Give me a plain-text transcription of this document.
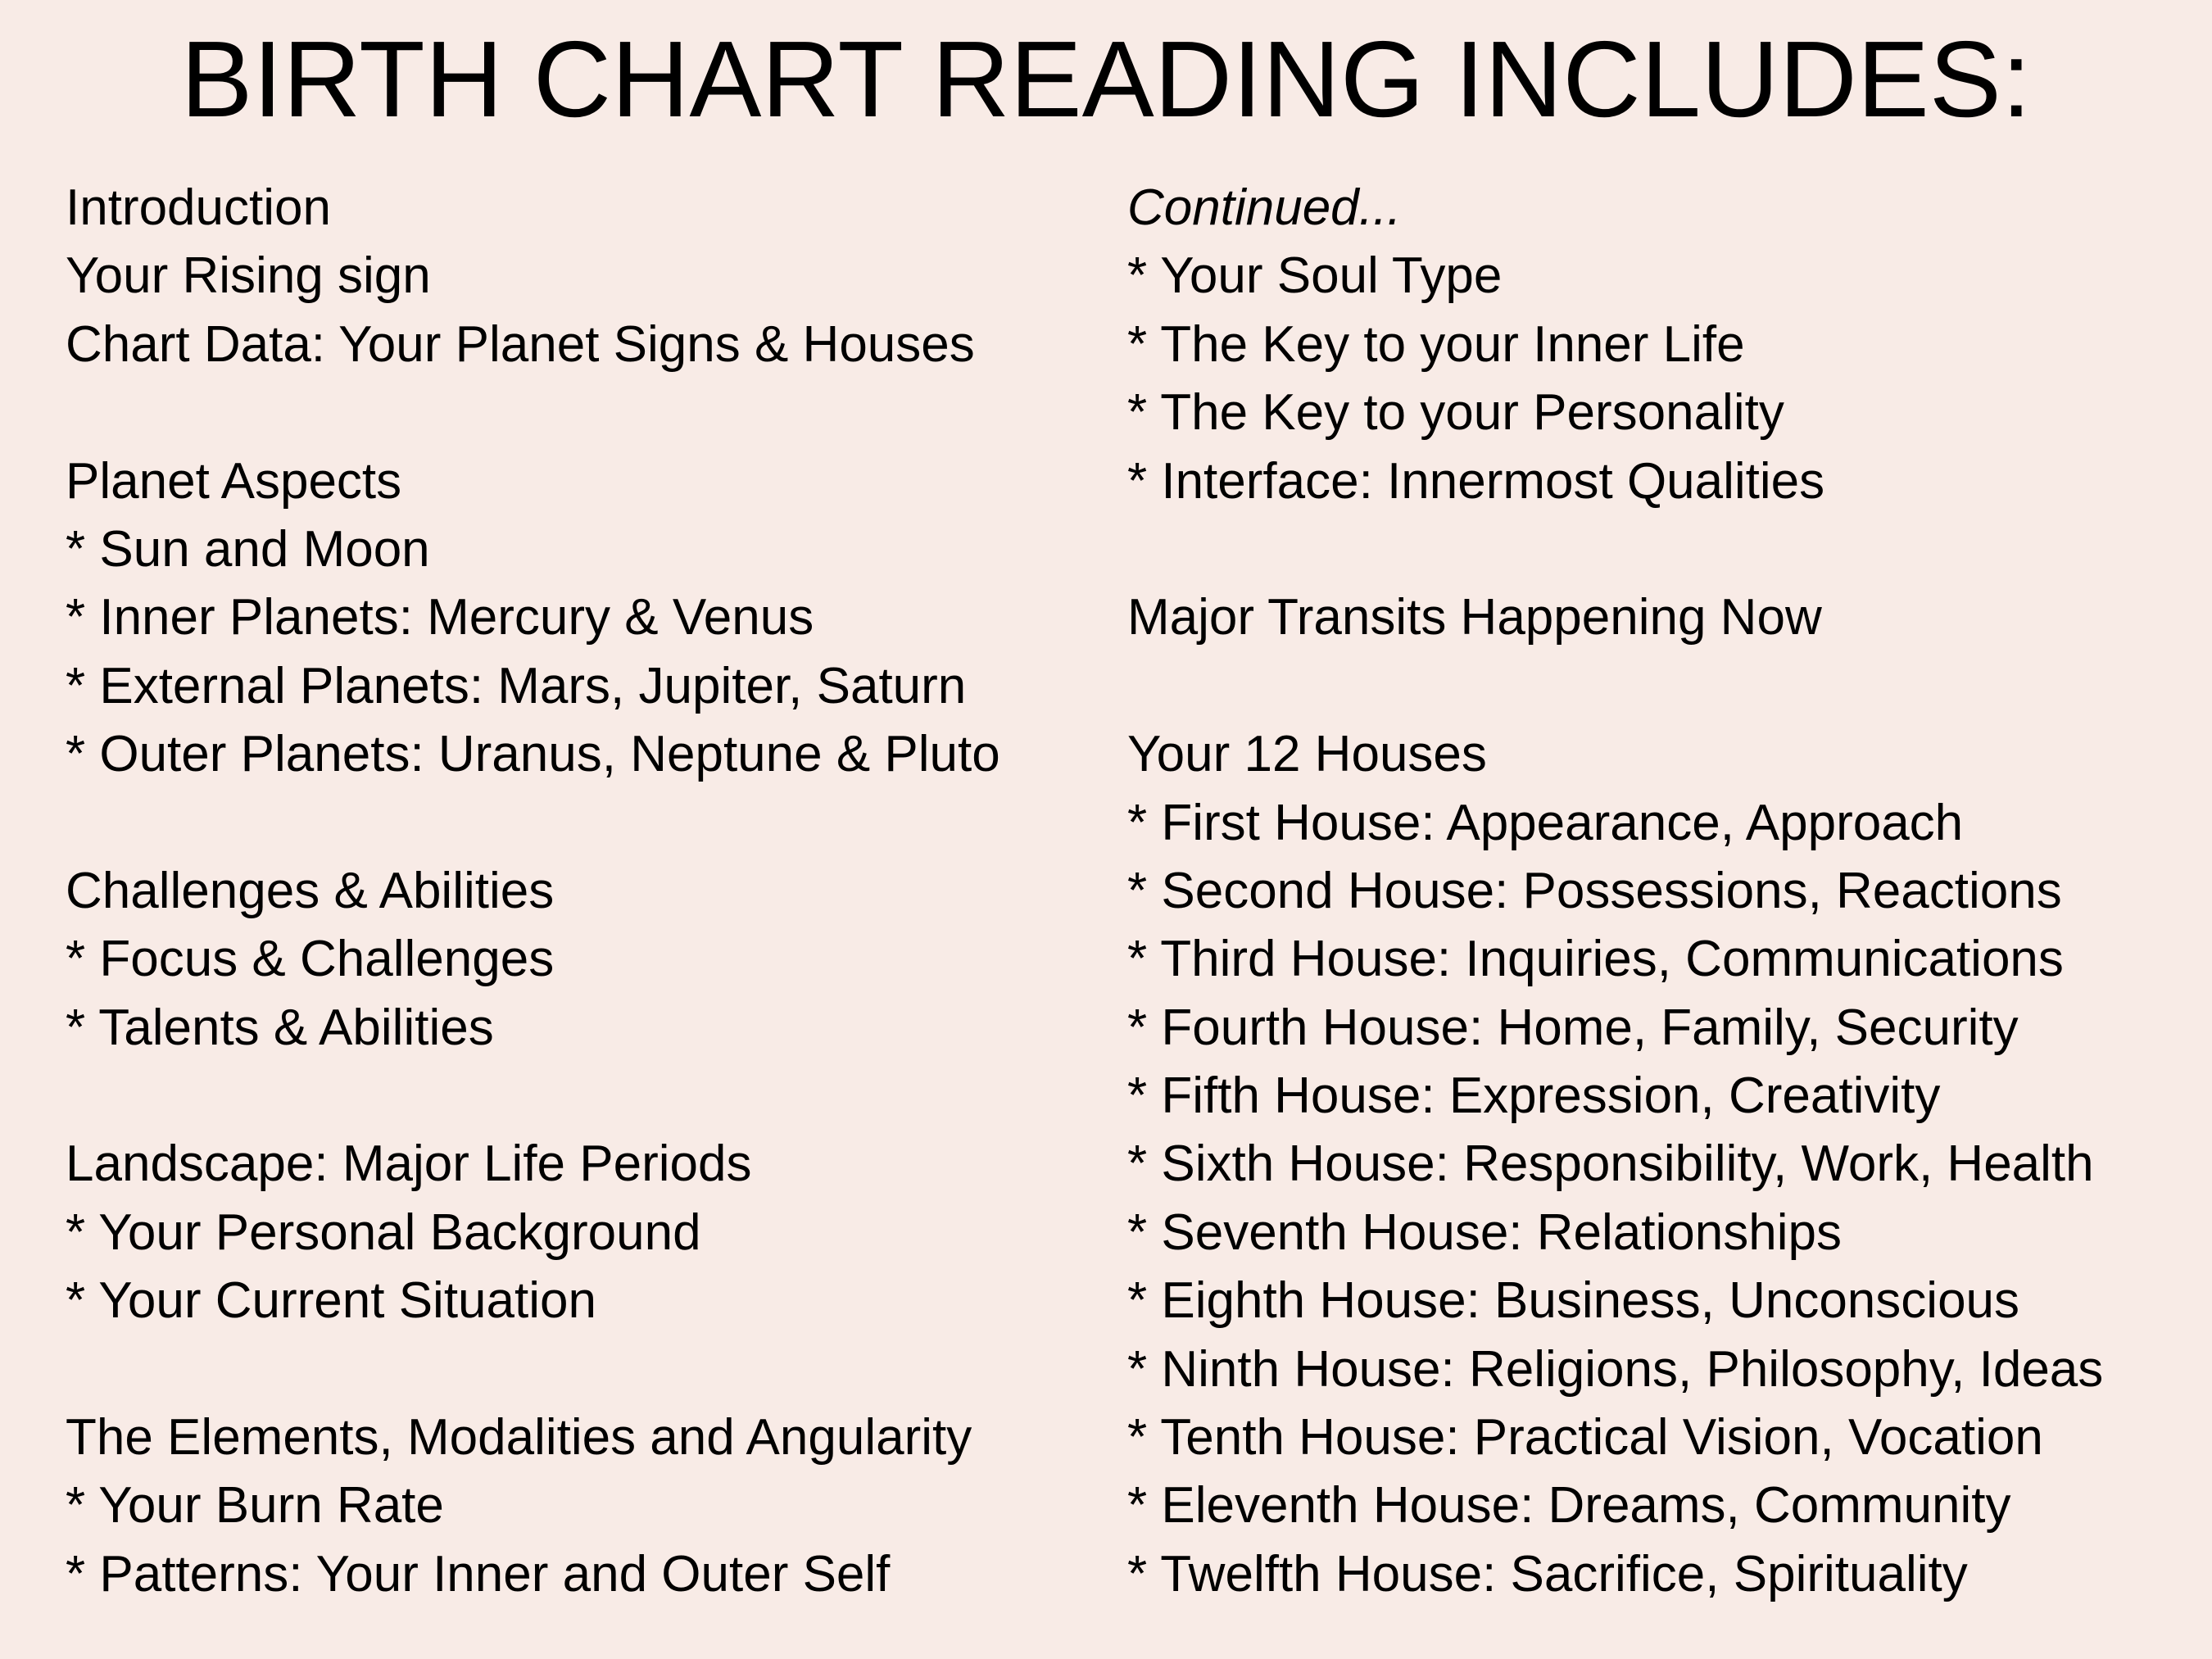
BIRTH CHART READING INCLUDES:
Introduction
Your Rising sign
Chart Data: Your Planet Signs & Houses
Planet Aspects
* Sun and Moon
* Inner Planets: Mercury & Venus
* External Planets: Mars, Jupiter, Saturn
* Outer Planets: Uranus, Neptune & Pluto
Challenges & Abilities
* Focus & Challenges
* Talents & Abilities
Landscape: Major Life Periods
* Your Personal Background
* Your Current Situation
The Elements, Modalities and Angularity
* Your Burn Rate
* Patterns: Your Inner and Outer Self
Continued...
* Your Soul Type
* The Key to your Inner Life
* The Key to your Personality
* Interface: Innermost Qualities
Major Transits Happening Now
Your 12 Houses
* First House: Appearance, Approach
* Second House: Possessions, Reactions
* Third House: Inquiries, Communications
* Fourth House: Home, Family, Security
* Fifth House: Expression, Creativity
* Sixth House: Responsibility, Work, Health
* Seventh House: Relationships
* Eighth House: Business, Unconscious
* Ninth House: Religions, Philosophy, Ideas
* Tenth House: Practical Vision, Vocation
* Eleventh House: Dreams, Community
* Twelfth House: Sacrifice, Spirituality
